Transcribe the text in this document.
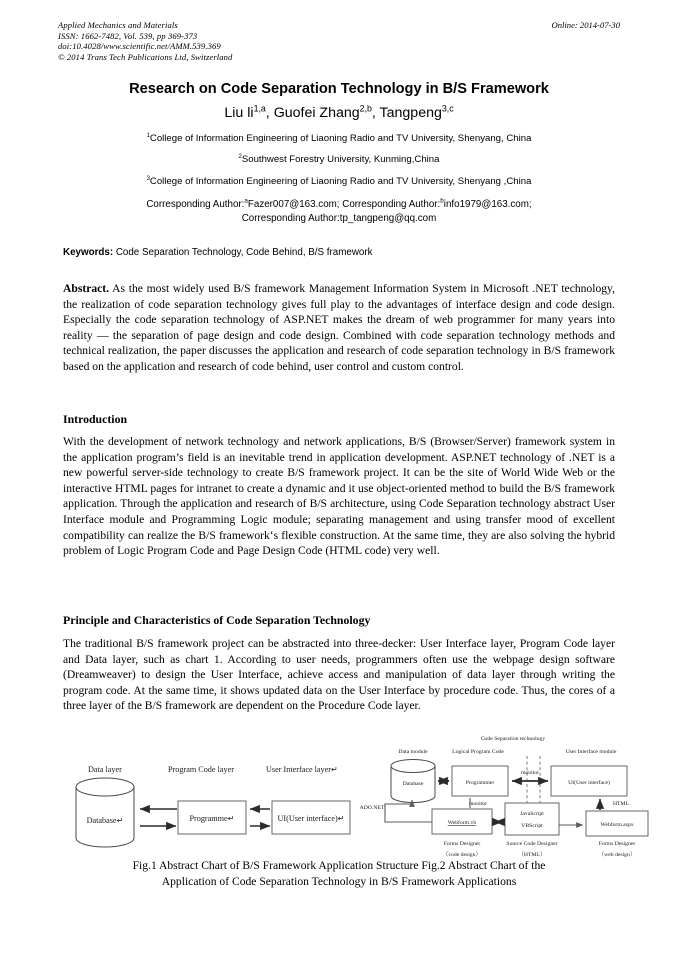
Online: 2014-07-30
Applied Mechanics and Materials
ISSN: 1662-7482, Vol. 539, pp 369-373
doi:10.4028/www.scientific.net/AMM.539.369
© 2014 Trans Tech Publications Ltd, Switzerland
Research on Code Separation Technology in B/S Framework
Liu li$^{1,a}$, Guofei Zhang$^{2,b}$, Tangpeng$^{3,c}$
$^1$College of Information Engineering of Liaoning Radio and TV University, Shenyang, China
$^2$Southwest Forestry University, Kunming,China
$^3$College of Information Engineering of Liaoning Radio and TV University, Shenyang ,China
Corresponding Author:$^a$Fazer007@163.com; Corresponding Author:$^b$info1979@163.com;
Corresponding Author:tp_tangpeng@qq.com
Keywords: Code Separation Technology, Code Behind, B/S framework
Abstract. As the most widely used B/S framework Management Information System in Microsoft .NET technology, the realization of code separation technology gives full play to the advantages of interface design and code design. Especially the code separation technology of ASP.NET makes the dream of web programmer for many years into reality — the separation of page design and code design. Combined with code separation technology methods and technical realization, the paper discusses the application and research of code separation technology in B/S framework based on the application and research of code behind, user control and custom control.
Introduction
With the development of network technology and network applications, B/S (Browser/Server) framework system in the application program’s field is an inevitable trend in application development. ASP.NET technology of .NET is a new powerful server-side technology to create B/S framework project. It can be the site of World Wide Web or the interactive HTML pages for intranet to create a dynamic and it use object-oriented method to build the B/S framework application. Through the application and research of B/S architecture, using Code Separation technology abstract User Interface module and Programming Logic module; separating management and using transfer mood of excellent compatibility can realize the B/S framework‘s flexible construction. At the same time, they are also solving the hybrid problem of Logic Program Code and Page Design Code (HTML code) very well.
Principle and Characteristics of Code Separation Technology
The traditional B/S framework project can be abstracted into three-decker: User Interface layer, Program Code layer and Data layer, such as chart 1. According to user needs, programmers often use the webpage design software (Dreamweaver) to design the User Interface, achieve access and manipulation of data layer through writing the program code. At the same time, it shows updated data on the User Interface by procedure code. Thus, the cores of a three layer of the B/S framework are dependent on the Procedure Code layer.
Data layer	Program Code layer	User Interface layer↵
Database↵	Programme↵	UI(User interface)↵
Code Separation technology
Data module	Logical Program Code	User Interface module
Database	Programmer	UI(User interface)
monitor
ADO.NET
Webform.vb
monitor
JavaScript
VBScript	Webform.aspx
HTML
Forms Designer
（code design）
Source Code Designer
（HTML）
Forms Designer
（web design）
Fig.1 Abstract Chart of B/S Framework Application Structure Fig.2 Abstract Chart of the
Application of Code Separation Technology in B/S Framework Applications
